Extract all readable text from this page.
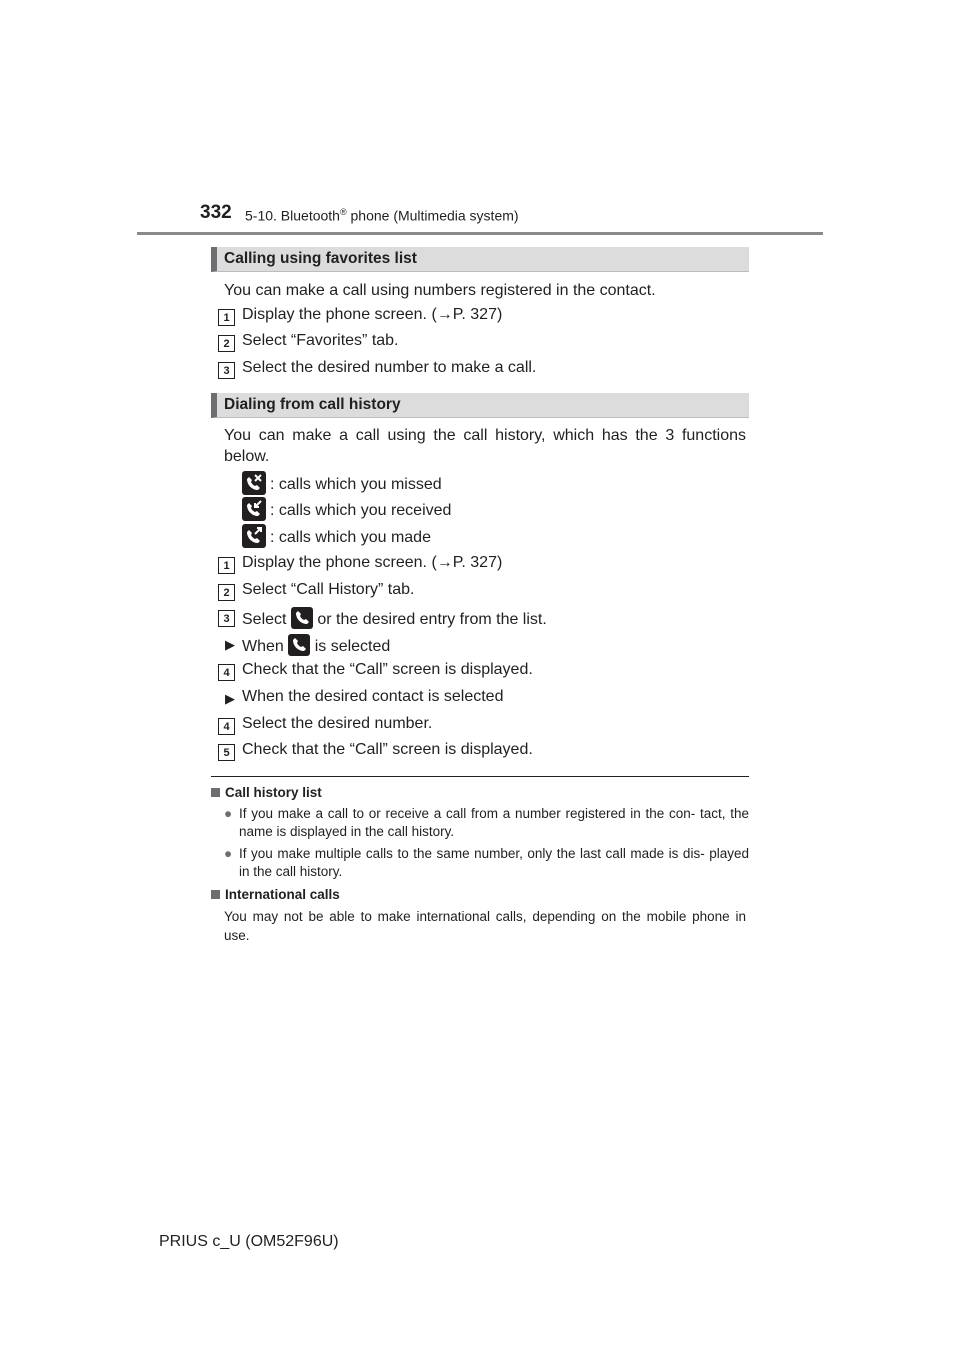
332 5-10. Bluetooth® phone (Multimedia system)
Calling using favorites list
You can make a call using numbers registered in the contact.
1 Display the phone screen. (→P. 327)
2 Select “Favorites” tab.
3 Select the desired number to make a call.
Dialing from call history
You can make a call using the call history, which has the 3 functions below.
: calls which you missed
: calls which you received
: calls which you made
1 Display the phone screen. (→P. 327)
2 Select “Call History” tab.
3 Select or the desired entry from the list.
▶ When is selected
4 Check that the “Call” screen is displayed.
▶ When the desired contact is selected
4 Select the desired number.
5 Check that the “Call” screen is displayed.
Call history list
● If you make a call to or receive a call from a number registered in the con- tact, the name is displayed in the call history.
● If you make multiple calls to the same number, only the last call made is dis- played in the call history.
International calls
You may not be able to make international calls, depending on the mobile phone in use.
PRIUS c_U (OM52F96U)
